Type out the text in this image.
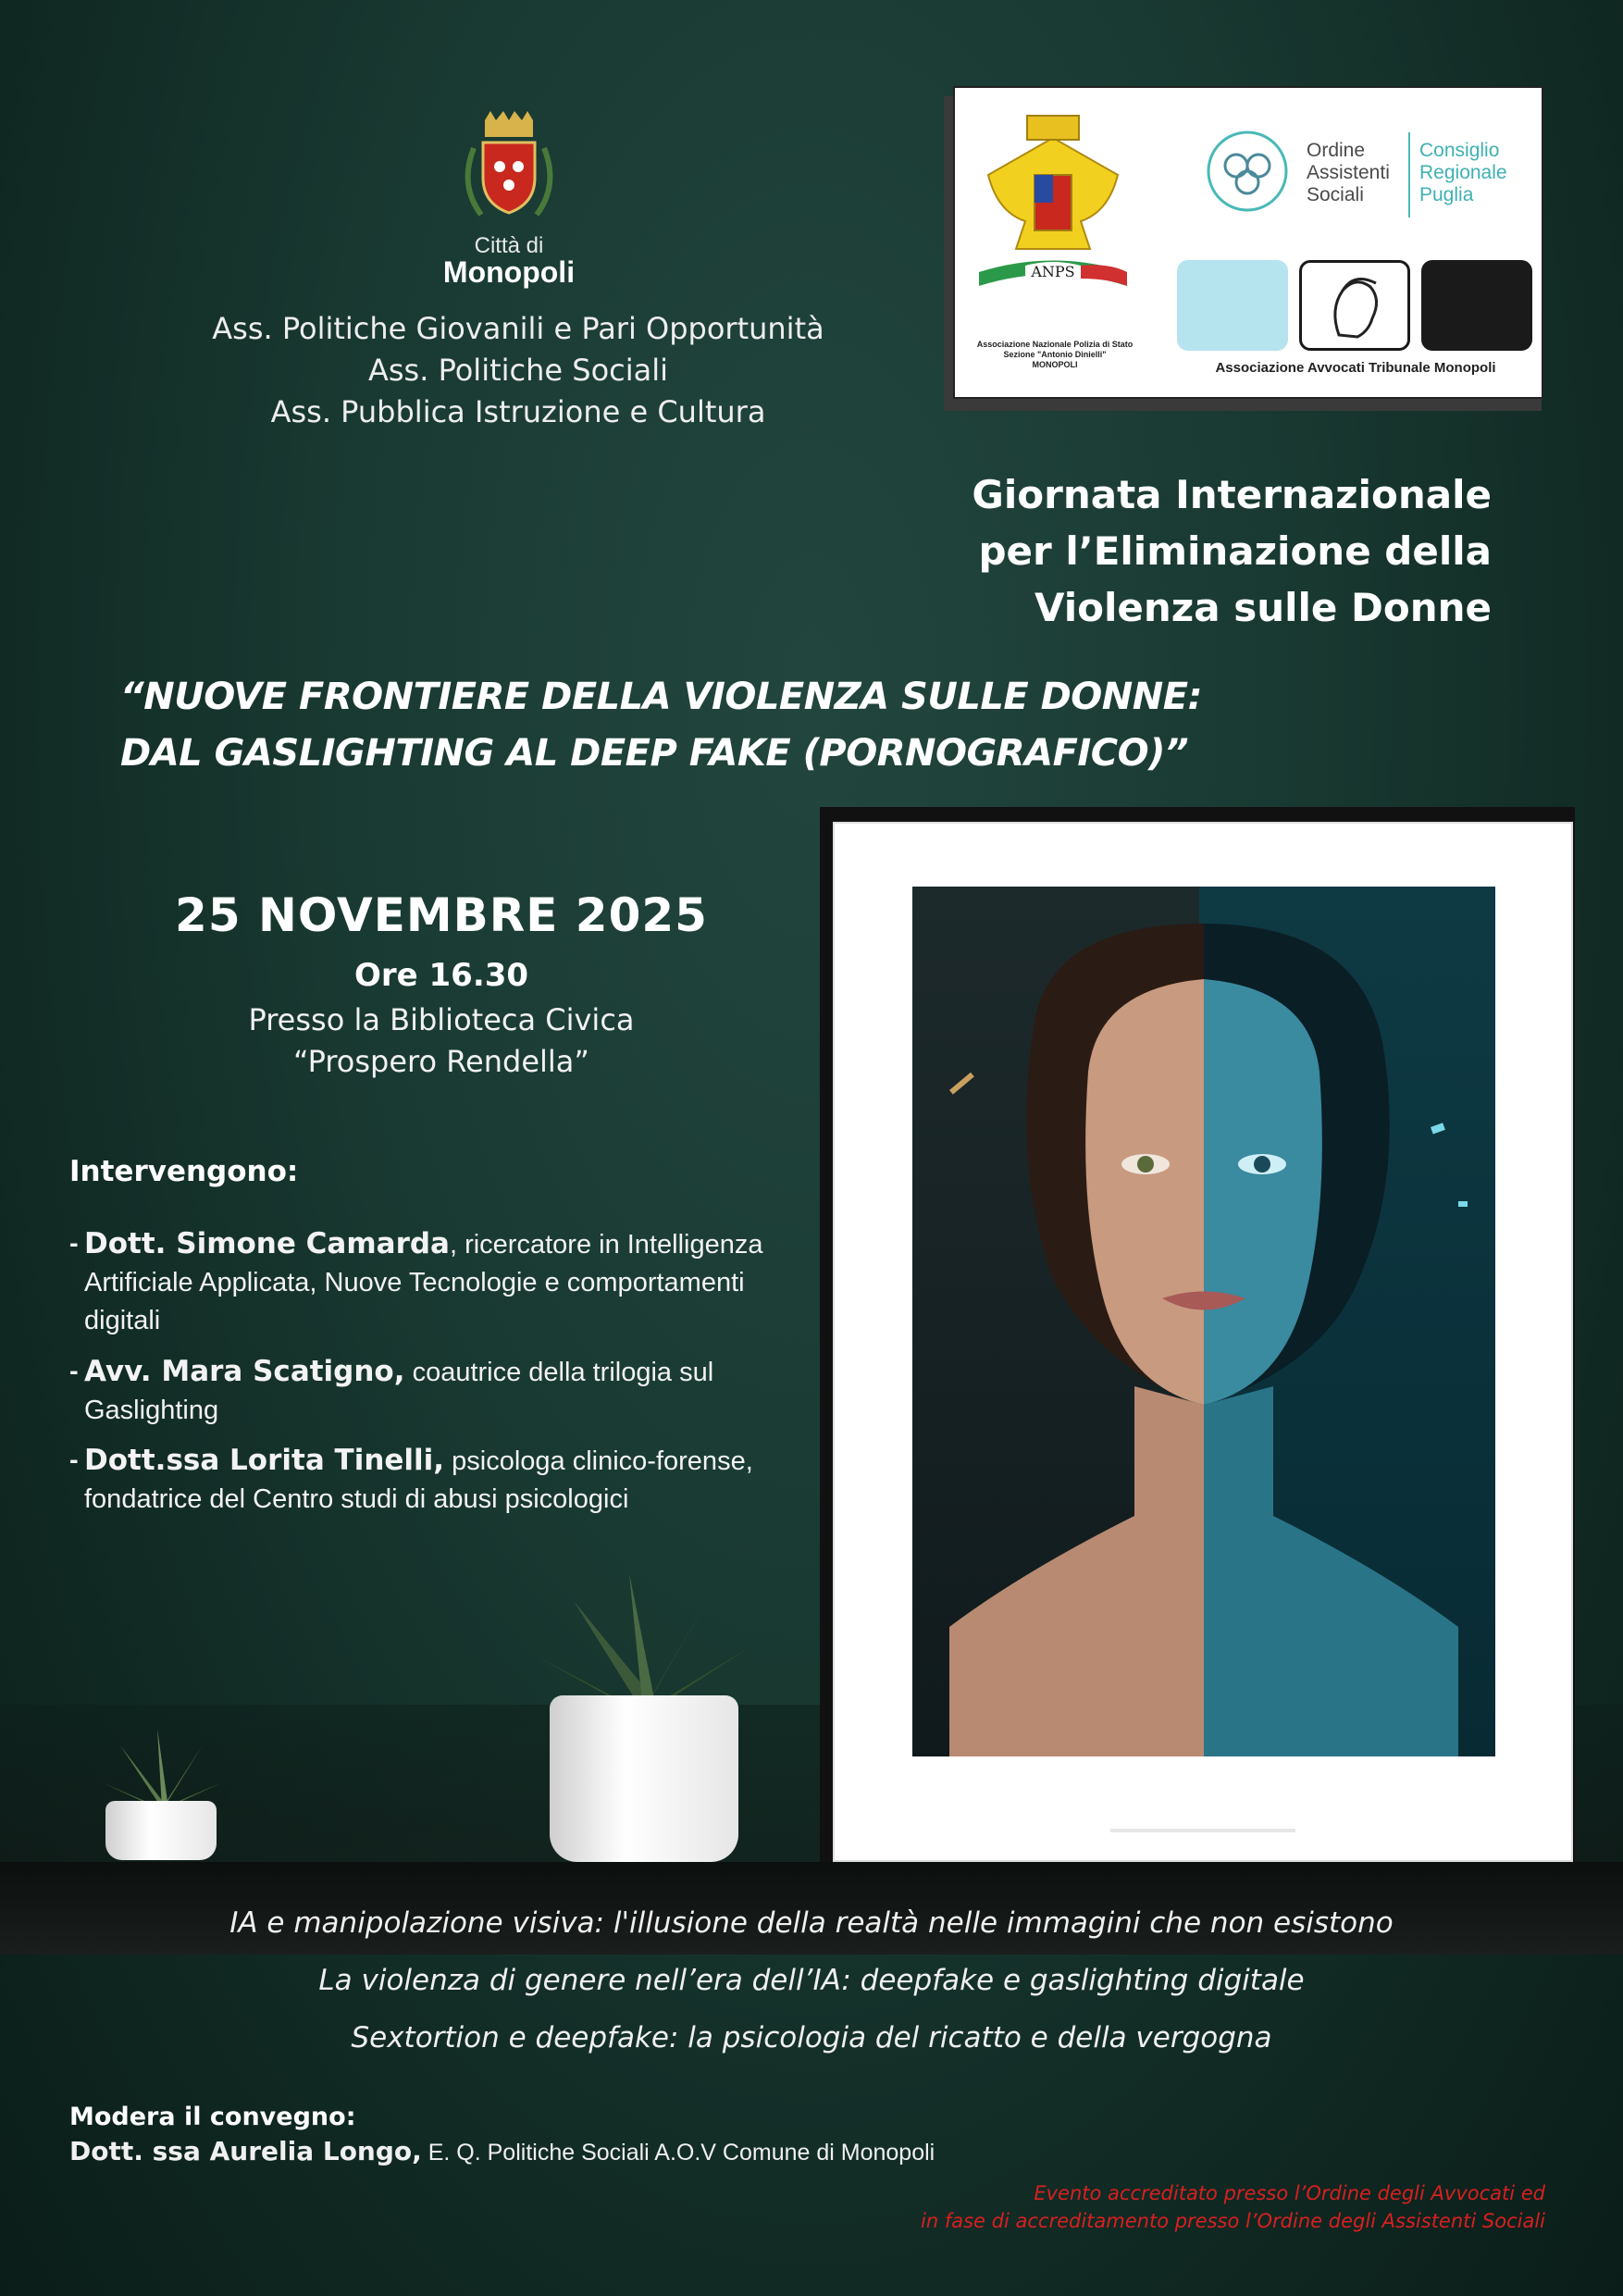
Città di
Monopoli
Ass. Politiche Giovanili e Pari Opportunità
Ass. Politiche Sociali
Ass. Pubblica Istruzione e Cultura
ANPS
Associazione Nazionale Polizia di Stato
Sezione "Antonio Dinielli"
MONOPOLI
Ordine
Assistenti
Sociali
Consiglio
Regionale
Puglia
Associazione Avvocati Tribunale Monopoli
Giornata Internazionale
per l’Eliminazione della
Violenza sulle Donne
“NUOVE FRONTIERE DELLA VIOLENZA SULLE DONNE:
DAL GASLIGHTING AL DEEP FAKE (PORNOGRAFICO)”
25 NOVEMBRE 2025
Ore 16.30
Presso la Biblioteca Civica
“Prospero Rendella”
Intervengono:
- Dott. Simone Camarda, ricercatore in Intelligenza Artificiale Applicata, Nuove Tecnologie e comportamenti digitali
- Avv. Mara Scatigno, coautrice della trilogia sul Gaslighting
- Dott.ssa Lorita Tinelli, psicologa clinico-forense, fondatrice del Centro studi di abusi psicologici
IA e manipolazione visiva: l'illusione della realtà nelle immagini che non esistono
La violenza di genere nell’era dell’IA: deepfake e gaslighting digitale
Sextortion e deepfake: la psicologia del ricatto e della vergogna
Modera il convegno:
Dott. ssa Aurelia Longo, E. Q. Politiche Sociali A.O.V Comune di Monopoli
Evento accreditato presso l’Ordine degli Avvocati ed
in fase di accreditamento presso l’Ordine degli Assistenti Sociali
